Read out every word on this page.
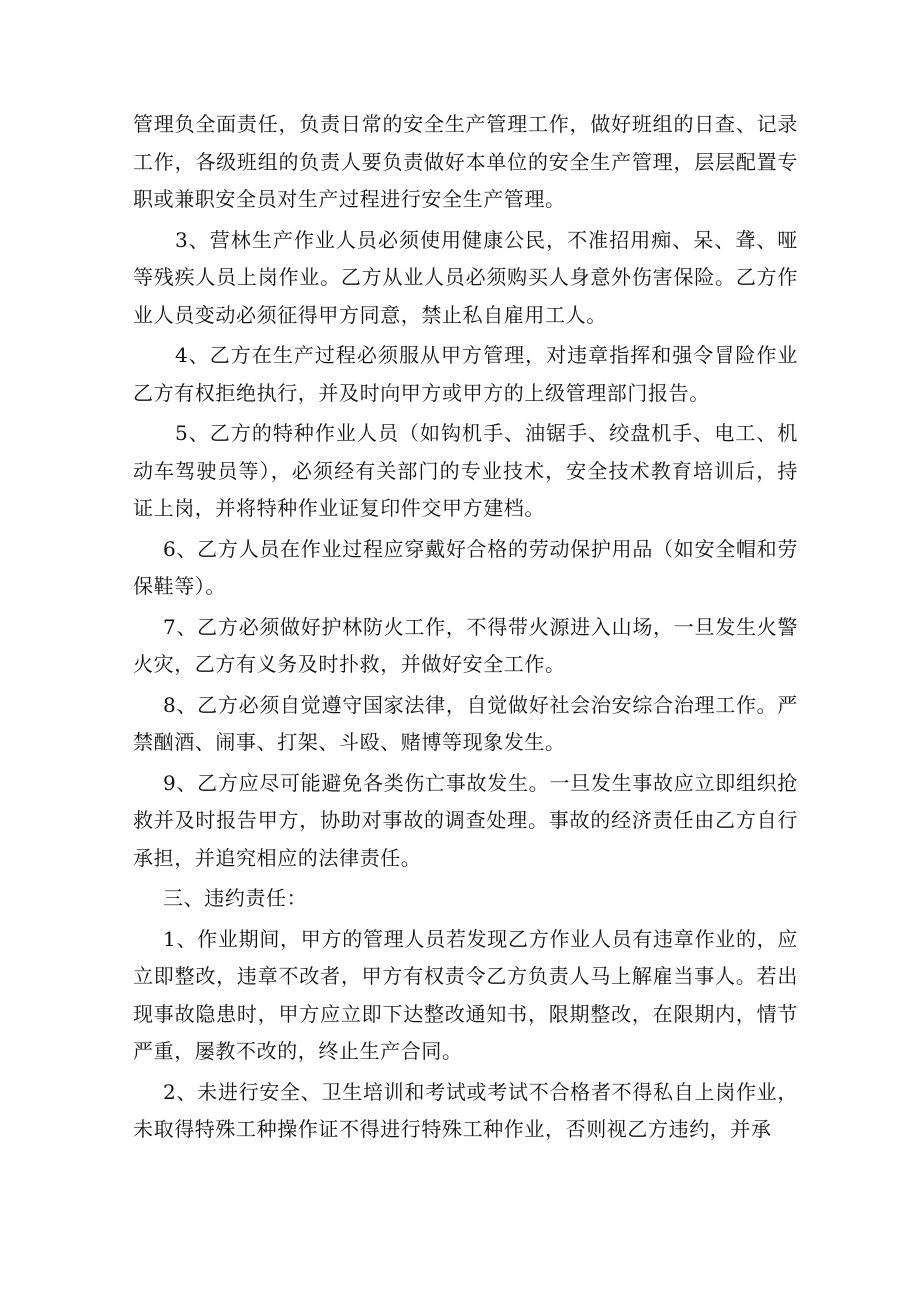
管理负全面责任，负责日常的安全生产管理工作，做好班组的日查、记录工作，各级班组的负责人要负责做好本单位的安全生产管理，层层配置专职或兼职安全员对生产过程进行安全生产管理。

3、营林生产作业人员必须使用健康公民，不准招用痴、呆、聋、哑等残疾人员上岗作业。乙方从业人员必须购买人身意外伤害保险。乙方作业人员变动必须征得甲方同意，禁止私自雇用工人。

4、乙方在生产过程必须服从甲方管理，对违章指挥和强令冒险作业乙方有权拒绝执行，并及时向甲方或甲方的上级管理部门报告。

5、乙方的特种作业人员（如钩机手、油锯手、绞盘机手、电工、机动车驾驶员等），必须经有关部门的专业技术，安全技术教育培训后，持证上岗，并将特种作业证复印件交甲方建档。

6、乙方人员在作业过程应穿戴好合格的劳动保护用品（如安全帽和劳保鞋等）。

7、乙方必须做好护林防火工作，不得带火源进入山场，一旦发生火警火灾，乙方有义务及时扑救，并做好安全工作。

8、乙方必须自觉遵守国家法律，自觉做好社会治安综合治理工作。严禁酗酒、闹事、打架、斗殴、赌博等现象发生。

9、乙方应尽可能避免各类伤亡事故发生。一旦发生事故应立即组织抢救并及时报告甲方，协助对事故的调查处理。事故的经济责任由乙方自行承担，并追究相应的法律责任。

三、违约责任：

1、作业期间，甲方的管理人员若发现乙方作业人员有违章作业的，应立即整改，违章不改者，甲方有权责令乙方负责人马上解雇当事人。若出现事故隐患时，甲方应立即下达整改通知书，限期整改，在限期内，情节严重，屡教不改的，终止生产合同。

2、未进行安全、卫生培训和考试或考试不合格者不得私自上岗作业，未取得特殊工种操作证不得进行特殊工种作业，否则视乙方违约，并承
